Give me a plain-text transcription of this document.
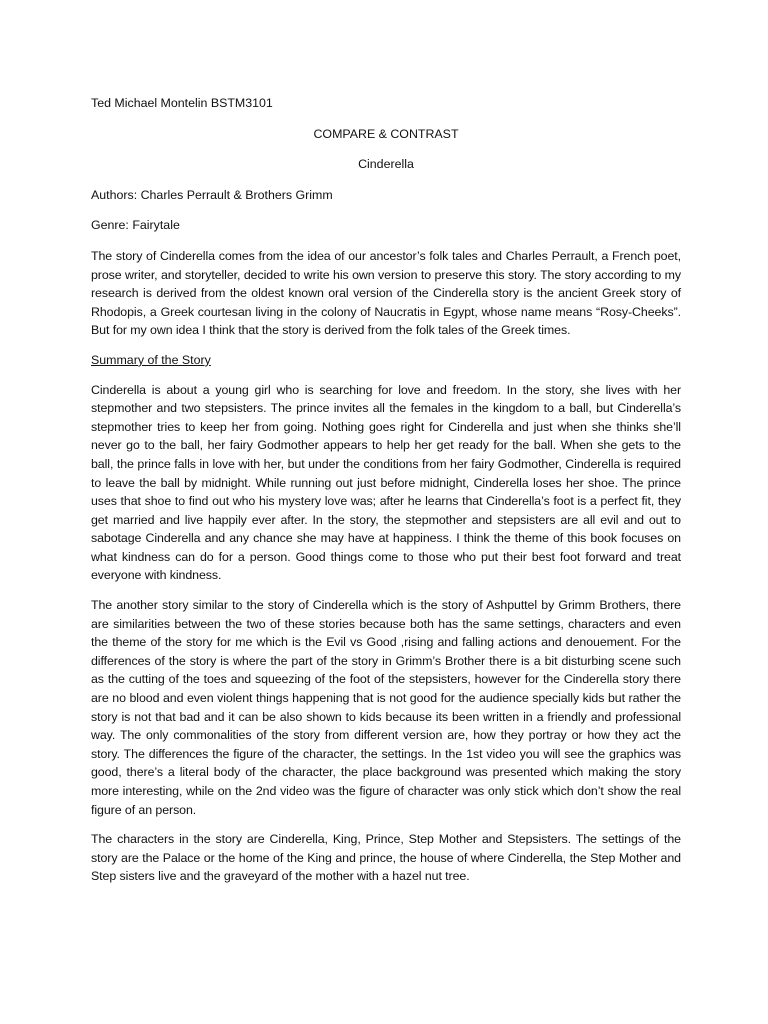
Ted Michael Montelin BSTM3101

COMPARE & CONTRAST

Cinderella

Authors: Charles Perrault & Brothers Grimm

Genre: Fairytale

The story of Cinderella comes from the idea of our ancestor’s folk tales and Charles Perrault, a French poet, prose writer, and storyteller, decided to write his own version to preserve this story. The story according to my research is derived from the oldest known oral version of the Cinderella story is the ancient Greek story of Rhodopis, a Greek courtesan living in the colony of Naucratis in Egypt, whose name means “Rosy-Cheeks”. But for my own idea I think that the story is derived from the folk tales of the Greek times.

Summary of the Story

Cinderella is about a young girl who is searching for love and freedom. In the story, she lives with her stepmother and two stepsisters. The prince invites all the females in the kingdom to a ball, but Cinderella’s stepmother tries to keep her from going. Nothing goes right for Cinderella and just when she thinks she’ll never go to the ball, her fairy Godmother appears to help her get ready for the ball. When she gets to the ball, the prince falls in love with her, but under the conditions from her fairy Godmother, Cinderella is required to leave the ball by midnight. While running out just before midnight, Cinderella loses her shoe. The prince uses that shoe to find out who his mystery love was; after he learns that Cinderella’s foot is a perfect fit, they get married and live happily ever after. In the story, the stepmother and stepsisters are all evil and out to sabotage Cinderella and any chance she may have at happiness. I think the theme of this book focuses on what kindness can do for a person. Good things come to those who put their best foot forward and treat everyone with kindness.

The another story similar to the story of Cinderella which is the story of Ashputtel by Grimm Brothers, there are similarities between the two of these stories because both has the same settings, characters and even the theme of the story for me which is the Evil vs Good ,rising and falling actions and denouement. For the differences of the story is where the part of the story in Grimm’s Brother there is a bit disturbing scene such as the cutting of the toes and squeezing of the foot of the stepsisters, however for the Cinderella story there are no blood and even violent things happening that is not good for the audience specially kids but rather the story is not that bad and it can be also shown to kids because its been written in a friendly and professional way. The only commonalities of the story from different version are, how they portray or how they act the story. The differences the figure of the character, the settings. In the 1st video you will see the graphics was good, there’s a literal body of the character, the place background was presented which making the story more interesting, while on the 2nd video was the figure of character was only stick which don’t show the real figure of an person.

The characters in the story are Cinderella, King, Prince, Step Mother and Stepsisters. The settings of the story are the Palace or the home of the King and prince, the house of where Cinderella, the Step Mother and Step sisters live and the graveyard of the mother with a hazel nut tree.
